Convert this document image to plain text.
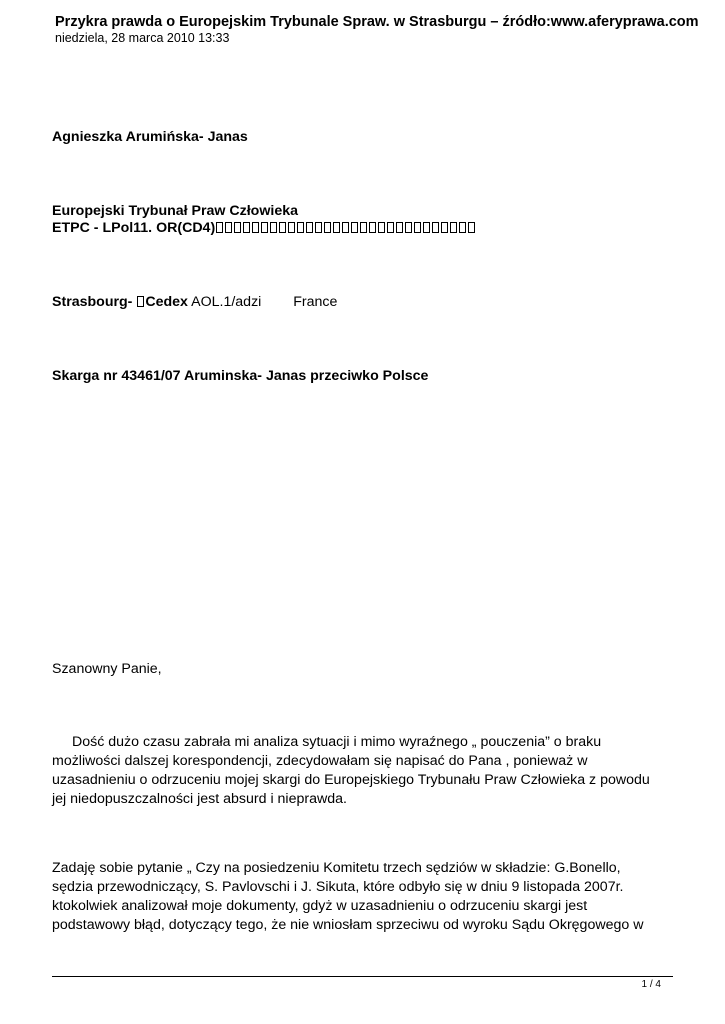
Przykra prawda o Europejskim Trybunale Spraw. w Strasburgu – źródło:www.aferyprawa.com
niedziela, 28 marca 2010 13:33
Agnieszka Arumińska- Janas
Europejski Trybunał Praw Człowieka
ETPC - LPol11. OR(CD4)
Strasbourg- Cedex AOL.1/adzi France
Skarga nr 43461/07 Aruminska- Janas przeciwko Polsce
Szanowny Panie,
Dość dużo czasu zabrała mi analiza sytuacji i mimo wyraźnego „ pouczenia” o braku
możliwości dalszej korespondencji, zdecydowałam się napisać do Pana , ponieważ w
uzasadnieniu o odrzuceniu mojej skargi do Europejskiego Trybunału Praw Człowieka z powodu
jej niedopuszczalności jest absurd i nieprawda.
Zadaję sobie pytanie „ Czy na posiedzeniu Komitetu trzech sędziów w składzie: G.Bonello,
sędzia przewodniczący, S. Pavlovschi i J. Sikuta, które odbyło się w dniu 9 listopada 2007r.
ktokolwiek analizował moje dokumenty, gdyż w uzasadnieniu o odrzuceniu skargi jest
podstawowy błąd, dotyczący tego, że nie wniosłam sprzeciwu od wyroku Sądu Okręgowego w
1 / 4
